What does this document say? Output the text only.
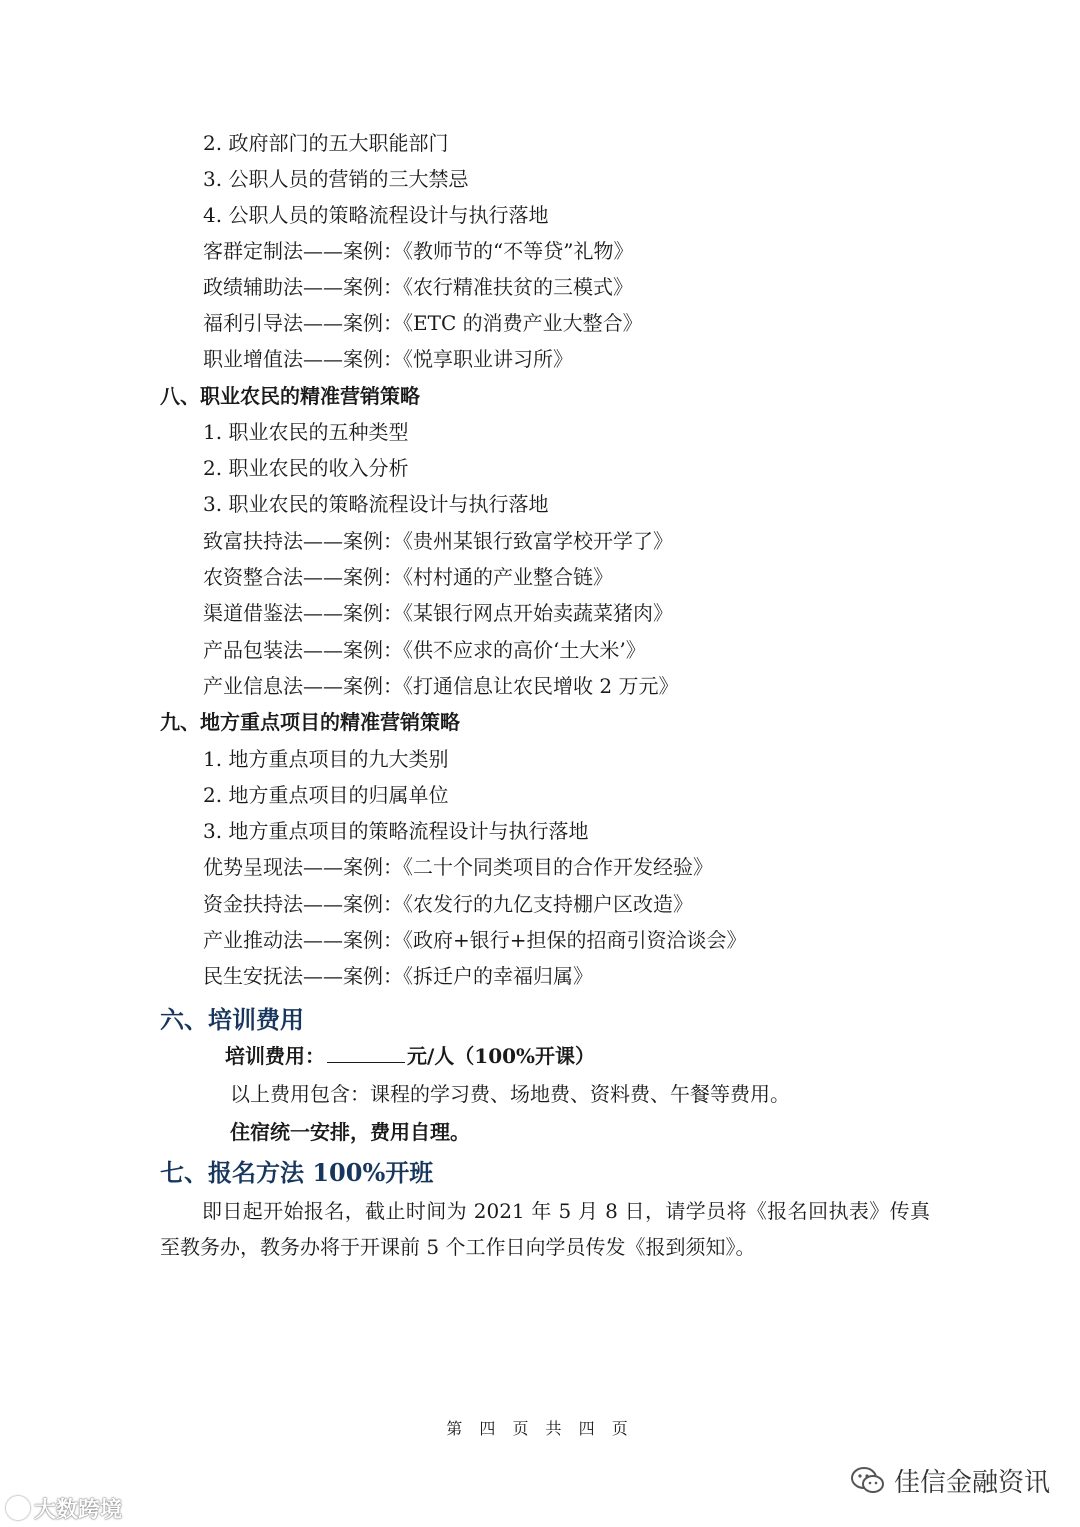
2. 政府部门的五大职能部门
3. 公职人员的营销的三大禁忌
4. 公职人员的策略流程设计与执行落地
客群定制法——案例：《教师节的“不等贷”礼物》
政绩辅助法——案例：《农行精准扶贫的三模式》
福利引导法——案例：《ETC 的消费产业大整合》
职业增值法——案例：《悦享职业讲习所》
八、职业农民的精准营销策略
1. 职业农民的五种类型
2. 职业农民的收入分析
3. 职业农民的策略流程设计与执行落地
致富扶持法——案例：《贵州某银行致富学校开学了》
农资整合法——案例：《村村通的产业整合链》
渠道借鉴法——案例：《某银行网点开始卖蔬菜猪肉》
产品包装法——案例：《供不应求的高价‘土大米’》
产业信息法——案例：《打通信息让农民增收 2 万元》
九、地方重点项目的精准营销策略
1. 地方重点项目的九大类别
2. 地方重点项目的归属单位
3. 地方重点项目的策略流程设计与执行落地
优势呈现法——案例：《二十个同类项目的合作开发经验》
资金扶持法——案例：《农发行的九亿支持棚户区改造》
产业推动法——案例：《政府+银行+担保的招商引资洽谈会》
民生安抚法——案例：《拆迁户的幸福归属》
六、培训费用
培训费用：	元/人（100%开课）
以上费用包含：课程的学习费、场地费、资料费、午餐等费用。
住宿统一安排，费用自理。
七、报名方法 100%开班
即日起开始报名，截止时间为 2021 年 5 月 8 日，请学员将《报名回执表》传真至教务办，教务办将于开课前 5 个工作日向学员传发《报到须知》。
第 四 页 共 四 页
大数跨境
佳信金融资讯
